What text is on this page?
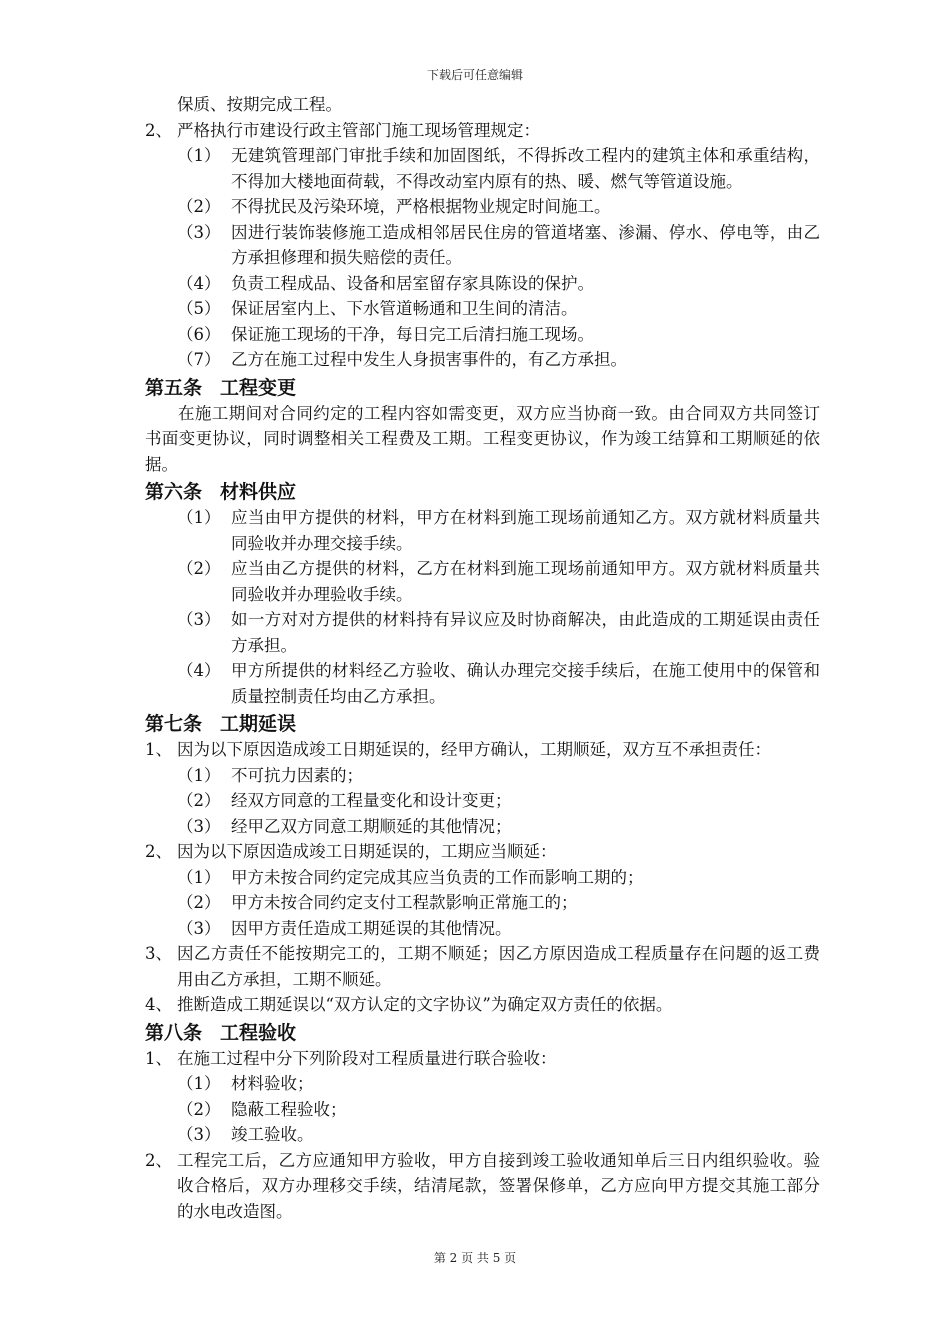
下载后可任意编辑
保质、按期完成工程。
2、 严格执行市建设行政主管部门施工现场管理规定：
（1） 无建筑管理部门审批手续和加固图纸，不得拆改工程内的建筑主体和承重结构，不得加大楼地面荷载，不得改动室内原有的热、暖、燃气等管道设施。
（2） 不得扰民及污染环境，严格根据物业规定时间施工。
（3） 因进行装饰装修施工造成相邻居民住房的管道堵塞、渗漏、停水、停电等，由乙方承担修理和损失赔偿的责任。
（4） 负责工程成品、设备和居室留存家具陈设的保护。
（5） 保证居室内上、下水管道畅通和卫生间的清洁。
（6） 保证施工现场的干净，每日完工后清扫施工现场。
（7） 乙方在施工过程中发生人身损害事件的，有乙方承担。
第五条 工程变更
在施工期间对合同约定的工程内容如需变更，双方应当协商一致。由合同双方共同签订书面变更协议，同时调整相关工程费及工期。工程变更协议，作为竣工结算和工期顺延的依据。
第六条 材料供应
（1） 应当由甲方提供的材料，甲方在材料到施工现场前通知乙方。双方就材料质量共同验收并办理交接手续。
（2） 应当由乙方提供的材料，乙方在材料到施工现场前通知甲方。双方就材料质量共同验收并办理验收手续。
（3） 如一方对对方提供的材料持有异议应及时协商解决，由此造成的工期延误由责任方承担。
（4） 甲方所提供的材料经乙方验收、确认办理完交接手续后，在施工使用中的保管和质量控制责任均由乙方承担。
第七条 工期延误
1、 因为以下原因造成竣工日期延误的，经甲方确认，工期顺延，双方互不承担责任：
（1） 不可抗力因素的；
（2） 经双方同意的工程量变化和设计变更；
（3） 经甲乙双方同意工期顺延的其他情况；
2、 因为以下原因造成竣工日期延误的，工期应当顺延：
（1） 甲方未按合同约定完成其应当负责的工作而影响工期的；
（2） 甲方未按合同约定支付工程款影响正常施工的；
（3） 因甲方责任造成工期延误的其他情况。
3、 因乙方责任不能按期完工的，工期不顺延；因乙方原因造成工程质量存在问题的返工费用由乙方承担，工期不顺延。
4、 推断造成工期延误以“双方认定的文字协议”为确定双方责任的依据。
第八条 工程验收
1、 在施工过程中分下列阶段对工程质量进行联合验收：
（1） 材料验收；
（2） 隐蔽工程验收；
（3） 竣工验收。
2、 工程完工后，乙方应通知甲方验收，甲方自接到竣工验收通知单后三日内组织验收。验收合格后，双方办理移交手续，结清尾款，签署保修单，乙方应向甲方提交其施工部分的水电改造图。
第 2 页 共 5 页
